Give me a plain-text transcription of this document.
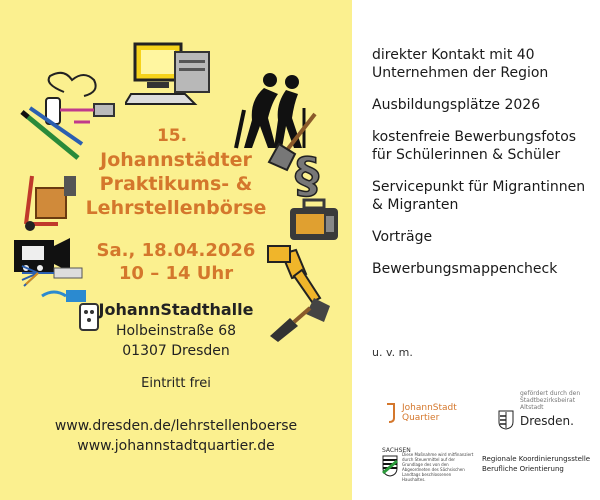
§
15.
Johannstädter
Praktikums- &
Lehrstellenbörse
Sa., 18.04.2026
10 – 14 Uhr
JohannStadthalle
Holbeinstraße 68
01307 Dresden
Eintritt frei
www.dresden.de/lehrstellenboerse
www.johannstadtquartier.de
direkter Kontakt mit 40 Unternehmen der Region
Ausbildungsplätze 2026
kostenfreie Bewerbungsfotos für Schülerinnen & Schüler
Servicepunkt für Migrantinnen & Migranten
Vorträge
Bewerbungsmappencheck
u. v. m.
JohannStadt
Quartier
gefördert durch den Stadtbezirksbeirat Altstadt
Dresden.
SACHSEN
Diese Maßnahme wird mitfinanziert durch Steuermittel auf der Grundlage des von den Abgeordneten des Sächsischen Landtags beschlossenen Haushaltes.
Regionale Koordinierungsstelle
Berufliche Orientierung
